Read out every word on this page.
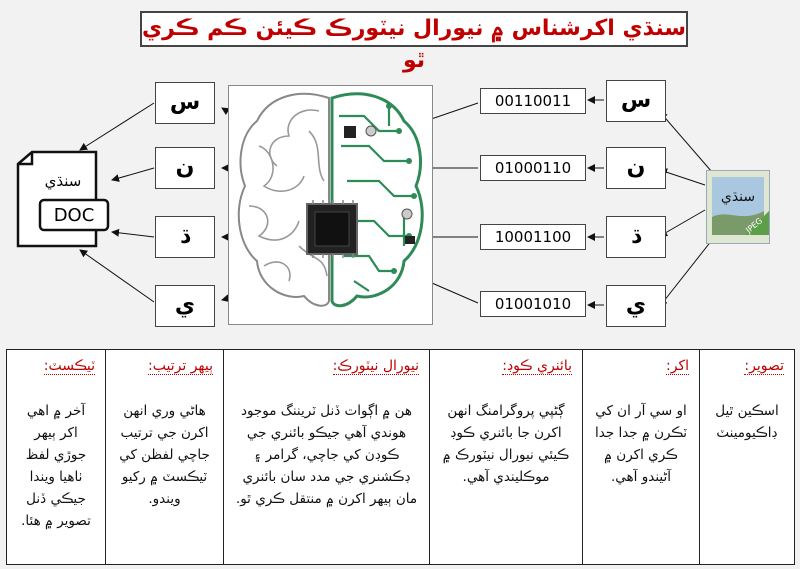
سنڌي اکرشناس ۾ نيورال نيٽورڪ ڪيئن ڪم ڪري ٿو
س
ن
ڌ
ي
س
ن
ڌ
ي
00110011
01000110
10001100
01001010
سنڌي
DOC
سنڌي
JPEG
تصوير:
اسڪين ٿيل ڊاڪيومينٽ

اکر:
او سي آر ان کي ٽڪرن ۾ جدا جدا ڪري اکرن ۾ آڻيندو آهي.

بائنري ڪوڊ:
ڳڻپي پروگرامنگ انهن اکرن جا بائنري ڪوڊ ڪيئي نيورال نيٽورڪ ۾ موڪليندي آهي.

نيورال نيٽورڪ:
هن ۾ اڳوات ڏنل ٽريننگ موجود هوندي آهي جيڪو بائنري جي ڪوڊن کي جاچي، گرامر ۽ ڊڪشنري جي مدد سان بائنري مان ٻيهر اکرن ۾ منتقل ڪري ٿو.

ٻيهر ترتيب:
هاڻي وري انهن اکرن جي ترتيب جاچي لفظن کي ٽيڪسٽ ۾ رکيو ويندو.

ٽيڪسٽ:
آخر ۾ اهي اکر ٻيهر جوڙي لفظ ٺاهيا ويندا جيڪي ڏنل تصوير ۾ هئا.
